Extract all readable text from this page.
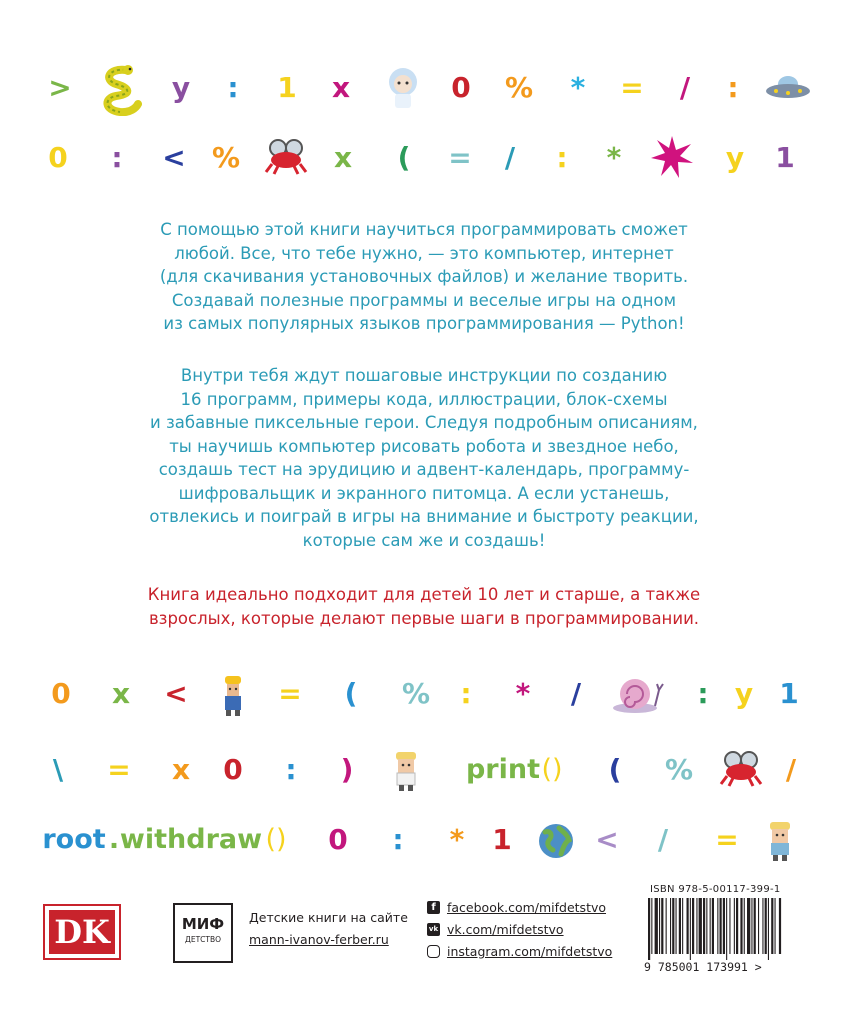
>	у : 1 х	0 % * = / :
0 : < %	x ( = / : *	у 1
С помощью этой книги научиться программировать сможет
любой. Все, что тебе нужно, — это компьютер, интернет
(для скачивания установочных файлов) и желание творить.
Создавай полезные программы и веселые игры на одном
из самых популярных языков программирования — Python!
Внутри тебя ждут пошаговые инструкции по созданию
16 программ, примеры кода, иллюстрации, блок-схемы
и забавные пиксельные герои. Следуя подробным описаниям,
ты научишь компьютер рисовать робота и звездное небо,
создашь тест на эрудицию и адвент-календарь, программу-
шифровальщик и экранного питомца. А если устанешь,
отвлекись и поиграй в игры на внимание и быстроту реакции,
которые сам же и создашь!
Книга идеально подходит для детей 10 лет и старше, а также
взрослых, которые делают первые шаги в программировании.
0 х <	= ( % : * /	: у 1
\ = x 0 : )	print () ( %	/
root . withdraw () 0 : * 1	< / =
DK	МИФ
ДЕТСТВО
Детские книги на сайте
mann-ivanov-ferber.ru
f facebook.com/mifdetstvo
vk vk.com/mifdetstvo
instagram.com/mifdetstvo
ISBN 978-5-00117-399-1
9 785001 173991 >
